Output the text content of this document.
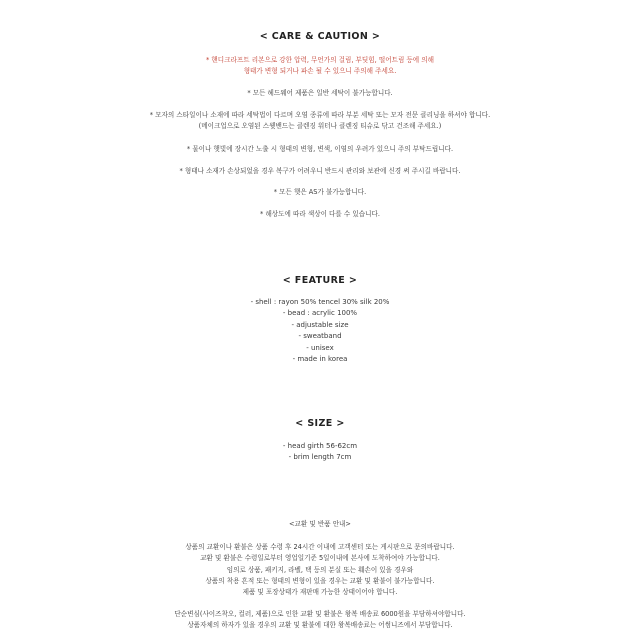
< CARE & CAUTION >
* 핸디크라프트 리본으로 강한 압력, 무언가의 걸림, 부딪힘, 떨어트림 등에 의해
형태가 변형 되거나 파손 될 수 있으니 주의해 주세요.
* 모든 헤드웨어 제품은 일반 세탁이 불가능합니다.
* 모자의 스타일이나 소재에 따라 세탁법이 다르며 오염 종류에 따라 부분 세탁 또는 모자 전문 클리닝을 하셔야 합니다.
(메이크업으로 오염된 스웻밴드는 클렌징 워터나 클렌징 티슈로 닦고 건조해 주세요.)
* 물이나 햇빛에 장시간 노출 시 형태의 변형, 변색, 이염의 우려가 있으니 주의 부탁드립니다.
* 형태나 소재가 손상되었을 경우 복구가 어려우니 반드시 관리와 보관에 신경 써 주시길 바랍니다.
* 모든 햇은 AS가 불가능합니다.
* 해상도에 따라 색상이 다를 수 있습니다.
< FEATURE >
- shell : rayon 50% tencel 30% silk 20%
- bead : acrylic 100%
- adjustable size
- sweatband
- unisex
- made in korea
< SIZE >
- head girth 56-62cm
- brim length 7cm
<교환 및 반품 안내>
상품의 교환이나 환불은 상품 수령 후 24시간 이내에 고객센터 또는 게시판으로 문의바랍니다.
교환 및 환불은 수령일로부터 영업일기준 5일이내에 본사에 도착하여야 가능합니다.
임의로 상품, 패키지, 라벨, 택 등의 분실 또는 훼손이 있을 경우와
상품의 착용 흔적 또는 형태의 변형이 있을 경우는 교환 및 환불이 불가능합니다.
제품 및 포장상태가 재판매 가능한 상태이어야 합니다.
단순변심(사이즈착오, 컬러, 제품)으로 인한 교환 및 환불은 왕복 배송료 6000원을 부담하셔야합니다.
상품자체의 하자가 있을 경우의 교환 및 환불에 대한 왕복배송료는 어썸니즈에서 부담합니다.
